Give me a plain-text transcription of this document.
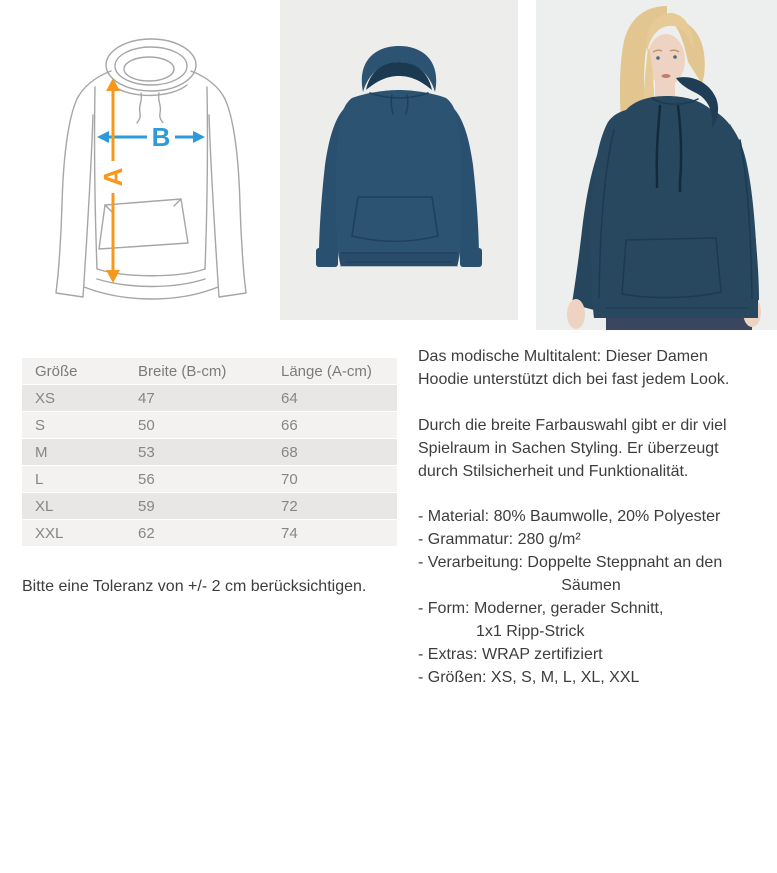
B
A
Größe	Breite (B-cm)	Länge (A-cm)
XS	47	64
S	50	66
M	53	68
L	56	70
XL	59	72
XXL	62	74
Bitte eine Toleranz von +/- 2 cm berücksichtigen.
Das modische Multitalent: Dieser Damen
Hoodie unterstützt dich bei fast jedem Look.
Durch die breite Farbauswahl gibt er dir viel
Spielraum in Sachen Styling. Er überzeugt
durch Stilsicherheit und Funktionalität.
- Material: 80% Baumwolle, 20% Polyester
- Grammatur: 280 g/m²
- Verarbeitung: Doppelte Steppnaht an den
Säumen
- Form: Moderner, gerader Schnitt,
1x1 Ripp-Strick
- Extras: WRAP zertifiziert
- Größen: XS, S, M, L, XL, XXL
